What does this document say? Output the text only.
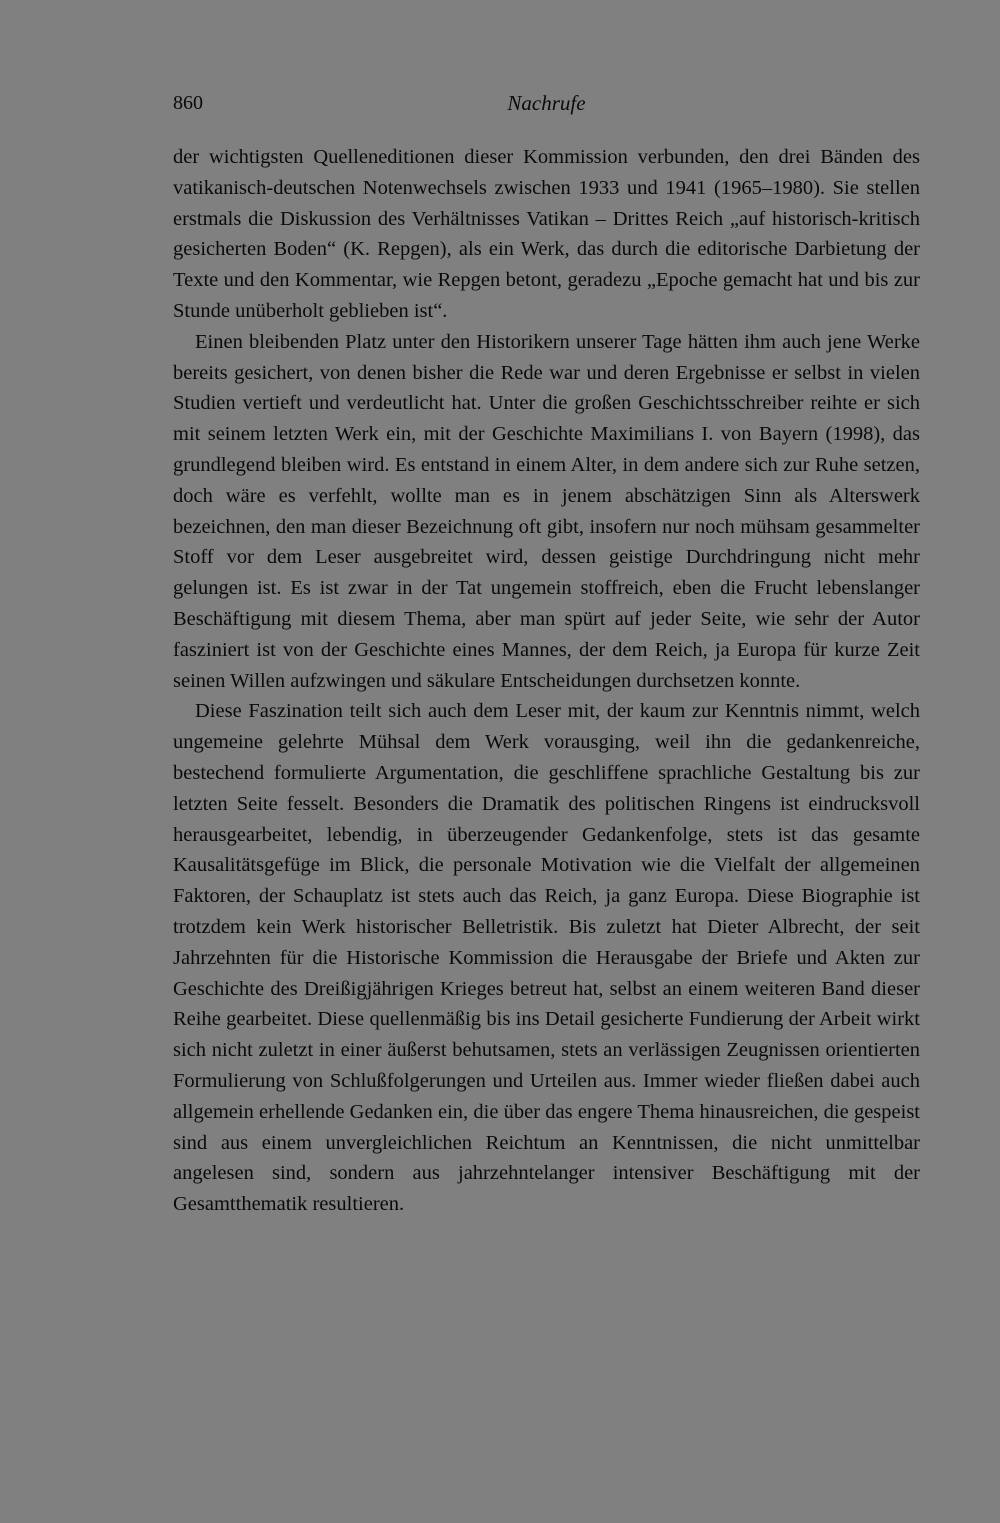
860	Nachrufe

der wichtigsten Quelleneditionen dieser Kommission verbunden, den drei Bänden des vatikanisch-deutschen Notenwechsels zwischen 1933 und 1941 (1965–1980). Sie stellen erstmals die Diskussion des Verhältnisses Vatikan – Drittes Reich „auf historisch-kritisch gesicherten Boden“ (K. Repgen), als ein Werk, das durch die editorische Darbietung der Texte und den Kommentar, wie Repgen betont, geradezu „Epoche gemacht hat und bis zur Stunde unüberholt geblieben ist“.

Einen bleibenden Platz unter den Historikern unserer Tage hätten ihm auch jene Werke bereits gesichert, von denen bisher die Rede war und deren Ergebnisse er selbst in vielen Studien vertieft und verdeutlicht hat. Unter die großen Geschichtsschreiber reihte er sich mit seinem letzten Werk ein, mit der Geschichte Maximilians I. von Bayern (1998), das grundlegend bleiben wird. Es entstand in einem Alter, in dem andere sich zur Ruhe setzen, doch wäre es verfehlt, wollte man es in jenem abschätzigen Sinn als Alterswerk bezeichnen, den man dieser Bezeichnung oft gibt, insofern nur noch mühsam gesammelter Stoff vor dem Leser ausgebreitet wird, dessen geistige Durchdringung nicht mehr gelungen ist. Es ist zwar in der Tat ungemein stoffreich, eben die Frucht lebenslanger Beschäftigung mit diesem Thema, aber man spürt auf jeder Seite, wie sehr der Autor fasziniert ist von der Geschichte eines Mannes, der dem Reich, ja Europa für kurze Zeit seinen Willen aufzwingen und säkulare Entscheidungen durchsetzen konnte.

Diese Faszination teilt sich auch dem Leser mit, der kaum zur Kenntnis nimmt, welch ungemeine gelehrte Mühsal dem Werk vorausging, weil ihn die gedankenreiche, bestechend formulierte Argumentation, die geschliffene sprachliche Gestaltung bis zur letzten Seite fesselt. Besonders die Dramatik des politischen Ringens ist eindrucksvoll herausgearbeitet, lebendig, in überzeugender Gedankenfolge, stets ist das gesamte Kausalitätsgefüge im Blick, die personale Motivation wie die Vielfalt der allgemeinen Faktoren, der Schauplatz ist stets auch das Reich, ja ganz Europa. Diese Biographie ist trotzdem kein Werk historischer Belletristik. Bis zuletzt hat Dieter Albrecht, der seit Jahrzehnten für die Historische Kommission die Herausgabe der Briefe und Akten zur Geschichte des Dreißigjährigen Krieges betreut hat, selbst an einem weiteren Band dieser Reihe gearbeitet. Diese quellenmäßig bis ins Detail gesicherte Fundierung der Arbeit wirkt sich nicht zuletzt in einer äußerst behutsamen, stets an verlässigen Zeugnissen orientierten Formulierung von Schlußfolgerungen und Urteilen aus. Immer wieder fließen dabei auch allgemein erhellende Gedanken ein, die über das engere Thema hinausreichen, die gespeist sind aus einem unvergleichlichen Reichtum an Kenntnissen, die nicht unmittelbar angelesen sind, sondern aus jahrzehntelanger intensiver Beschäftigung mit der Gesamtthematik resultieren.
